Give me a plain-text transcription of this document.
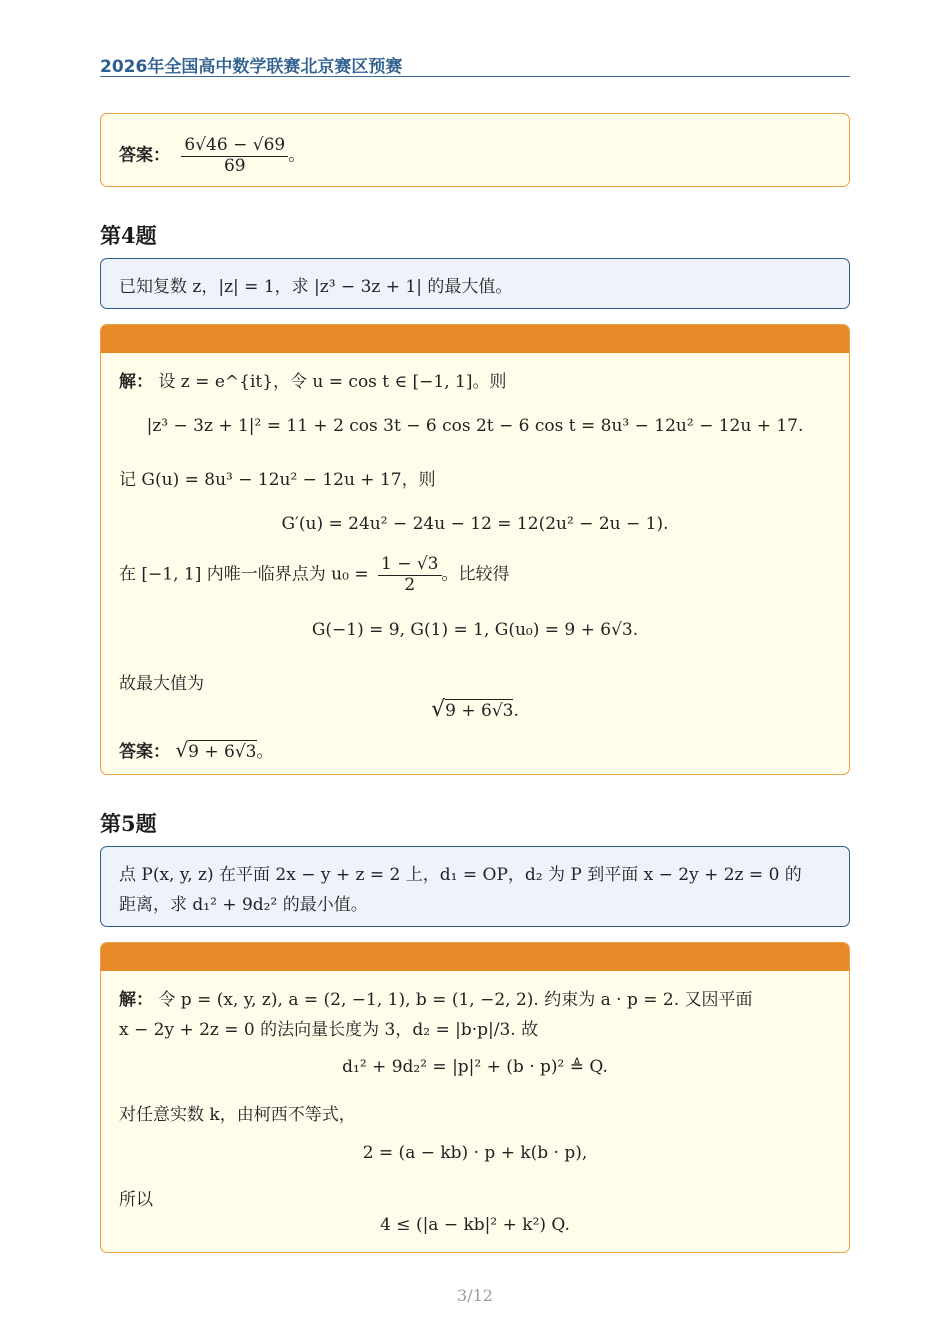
2026年全国高中数学联赛北京赛区预赛
答案： $\frac{6√46 - √69}{69}$ 。
第4题
已知复数 z，|z| = 1，求 |z³ − 3z + 1| 的最大值。
解： 设 z = e^{it}，令 u = cos t ∈ [−1, 1]。则
|z³ − 3z + 1|² = 11 + 2 cos 3t − 6 cos 2t − 6 cos t = 8u³ − 12u² − 12u + 17.
记 G(u) = 8u³ − 12u² − 12u + 17，则
G′(u) = 24u² − 24u − 12 = 12(2u² − 2u − 1).
在 [−1, 1] 内唯一临界点为 $u_0 = \frac{1 - √3}{2}$ 。比较得
G(−1) = 9, G(1) = 1, G(u₀) = 9 + 6√3.
故最大值为
√9 + 6√3.
答案： √9 + 6√3。
第5题
点 P(x, y, z) 在平面 2x − y + z = 2 上，d₁ = OP，d₂ 为 P 到平面 x − 2y + 2z = 0 的
距离，求 d₁² + 9d₂² 的最小值。
解： 令 p = (x, y, z), a = (2, −1, 1), b = (1, −2, 2). 约束为 a · p = 2. 又因平面
x − 2y + 2z = 0 的法向量长度为 3，d₂ = |b·p|/3. 故
d₁² + 9d₂² = |p|² + (b · p)² ≜ Q.
对任意实数 k，由柯西不等式，
2 = (a − kb) · p + k(b · p),
所以
4 ≤ (|a − kb|² + k²) Q.
3/12
